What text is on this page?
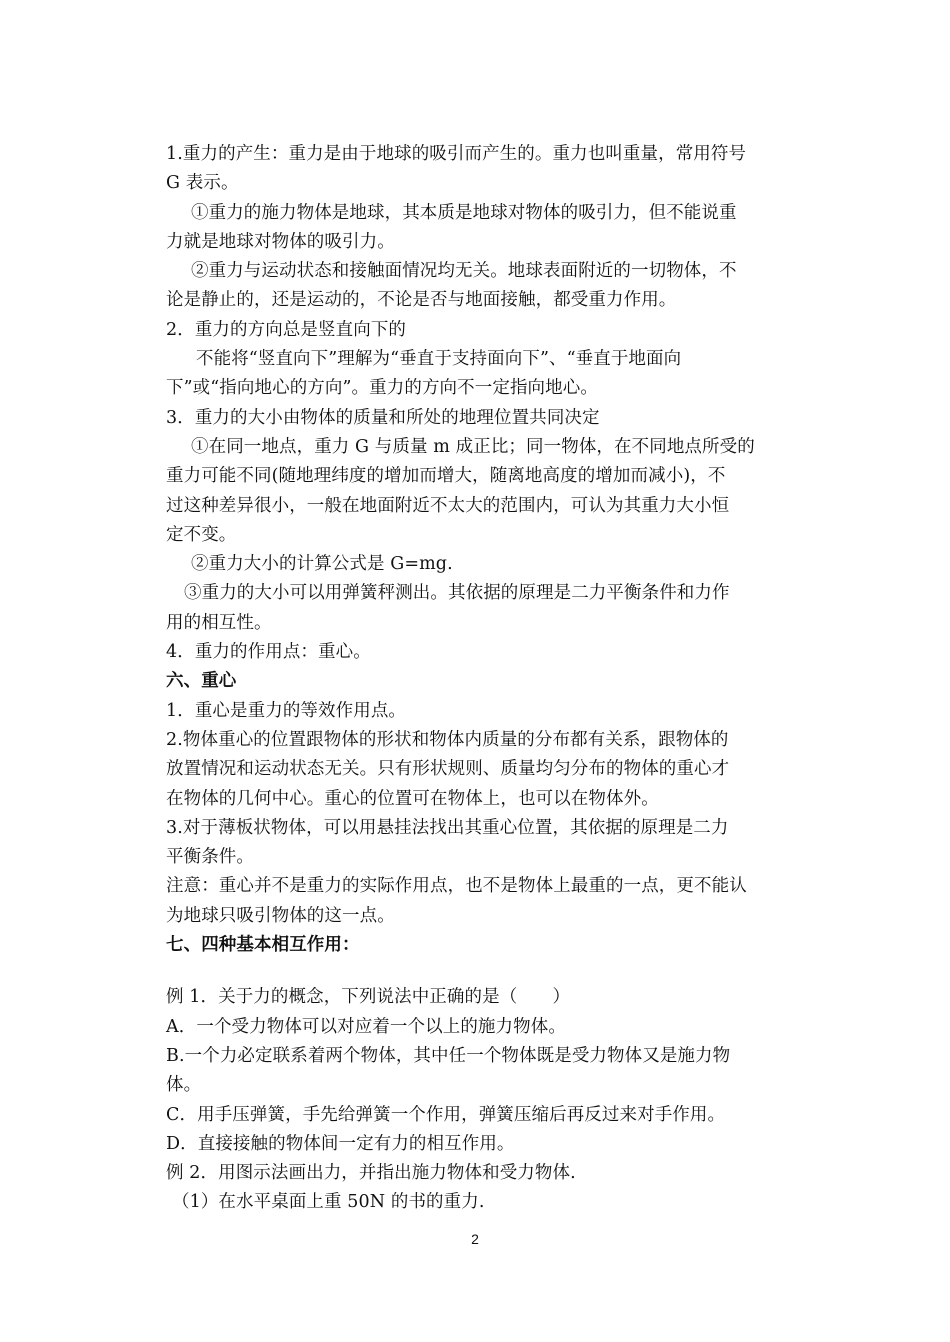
1.重力的产生：重力是由于地球的吸引而产生的。重力也叫重量，常用符号
G 表示。
①重力的施力物体是地球，其本质是地球对物体的吸引力，但不能说重
力就是地球对物体的吸引力。
②重力与运动状态和接触面情况均无关。地球表面附近的一切物体，不
论是静止的，还是运动的，不论是否与地面接触，都受重力作用。
2．重力的方向总是竖直向下的
不能将“竖直向下”理解为“垂直于支持面向下”、“垂直于地面向
下”或“指向地心的方向”。重力的方向不一定指向地心。
3．重力的大小由物体的质量和所处的地理位置共同决定
①在同一地点，重力 G 与质量 m 成正比；同一物体，在不同地点所受的
重力可能不同(随地理纬度的增加而增大，随离地高度的增加而减小)，不
过这种差异很小，一般在地面附近不太大的范围内，可认为其重力大小恒
定不变。
②重力大小的计算公式是 G=mg.
③重力的大小可以用弹簧秤测出。其依据的原理是二力平衡条件和力作
用的相互性。
4．重力的作用点：重心。
六、重心
1．重心是重力的等效作用点。
2.物体重心的位置跟物体的形状和物体内质量的分布都有关系，跟物体的
放置情况和运动状态无关。只有形状规则、质量均匀分布的物体的重心才
在物体的几何中心。重心的位置可在物体上，也可以在物体外。
3.对于薄板状物体，可以用悬挂法找出其重心位置，其依据的原理是二力
平衡条件。
注意：重心并不是重力的实际作用点，也不是物体上最重的一点，更不能认
为地球只吸引物体的这一点。
七、四种基本相互作用：
例 1．关于力的概念，下列说法中正确的是（　　）
A．一个受力物体可以对应着一个以上的施力物体。
B.一个力必定联系着两个物体，其中任一个物体既是受力物体又是施力物
体。
C．用手压弹簧，手先给弹簧一个作用，弹簧压缩后再反过来对手作用。
D．直接接触的物体间一定有力的相互作用。
例 2．用图示法画出力，并指出施力物体和受力物体.
（1）在水平桌面上重 50N 的书的重力.
2
